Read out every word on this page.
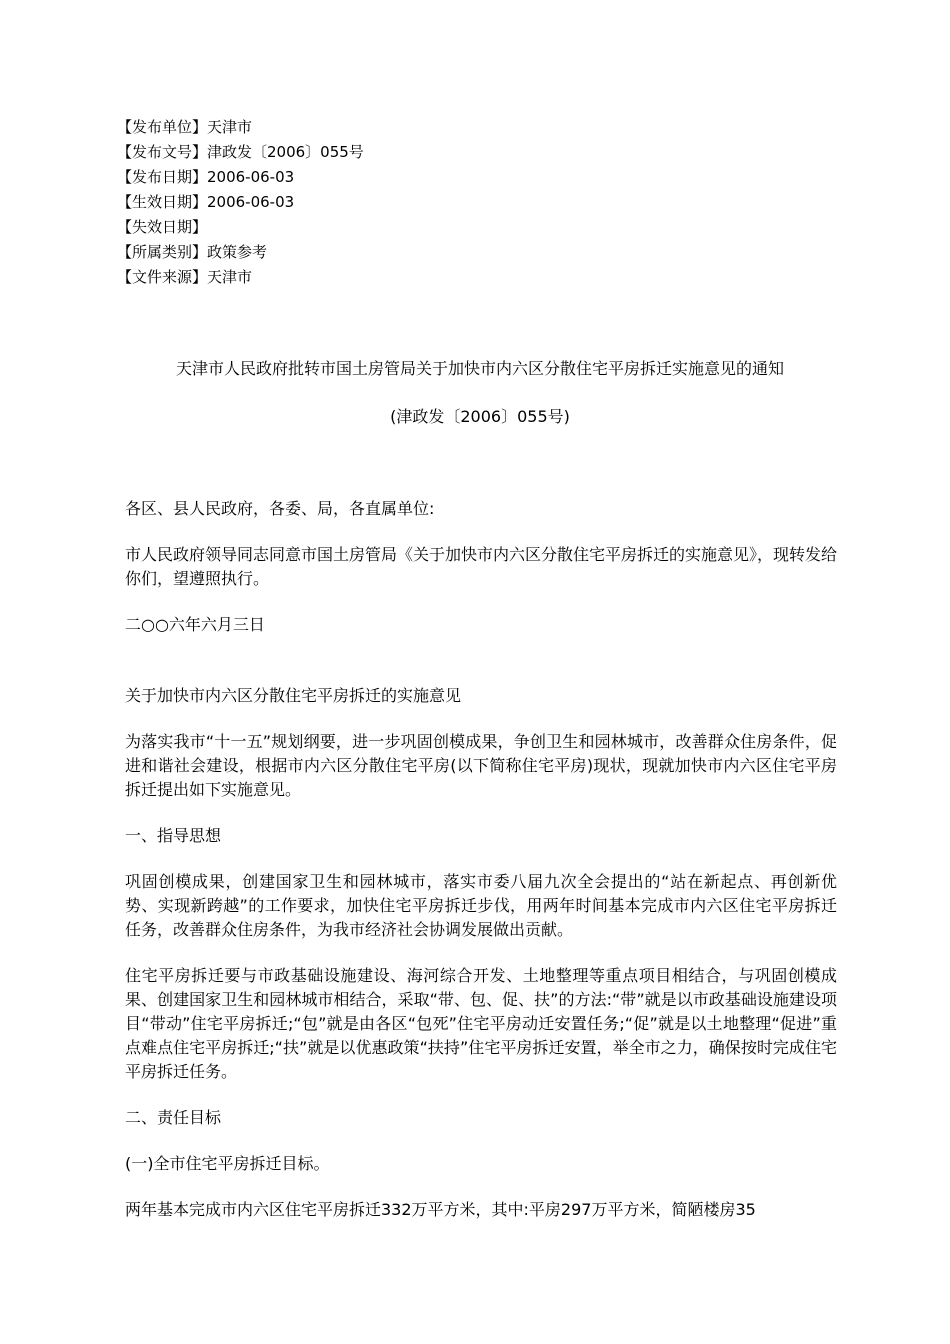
【发布单位】天津市
【发布文号】津政发〔2006〕055号
【发布日期】2006-06-03
【生效日期】2006-06-03
【失效日期】
【所属类别】政策参考
【文件来源】天津市
天津市人民政府批转市国土房管局关于加快市内六区分散住宅平房拆迁实施意见的通知
(津政发〔2006〕055号)

各区、县人民政府，各委、局，各直属单位:

市人民政府领导同志同意市国土房管局《关于加快市内六区分散住宅平房拆迁的实施意见》，现转发给你们，望遵照执行。

二○○六年六月三日

关于加快市内六区分散住宅平房拆迁的实施意见

为落实我市“十一五”规划纲要，进一步巩固创模成果，争创卫生和园林城市，改善群众住房条件，促进和谐社会建设，根据市内六区分散住宅平房(以下简称住宅平房)现状，现就加快市内六区住宅平房拆迁提出如下实施意见。

一、指导思想

巩固创模成果，创建国家卫生和园林城市，落实市委八届九次全会提出的“站在新起点、再创新优势、实现新跨越”的工作要求，加快住宅平房拆迁步伐，用两年时间基本完成市内六区住宅平房拆迁任务，改善群众住房条件，为我市经济社会协调发展做出贡献。

住宅平房拆迁要与市政基础设施建设、海河综合开发、土地整理等重点项目相结合，与巩固创模成果、创建国家卫生和园林城市相结合，采取“带、包、促、扶”的方法:“带”就是以市政基础设施建设项目“带动”住宅平房拆迁;“包”就是由各区“包死”住宅平房动迁安置任务;“促”就是以土地整理“促进”重点难点住宅平房拆迁;“扶”就是以优惠政策“扶持”住宅平房拆迁安置，举全市之力，确保按时完成住宅平房拆迁任务。

二、责任目标

(一)全市住宅平房拆迁目标。

两年基本完成市内六区住宅平房拆迁332万平方米，其中:平房297万平方米，简陋楼房35
